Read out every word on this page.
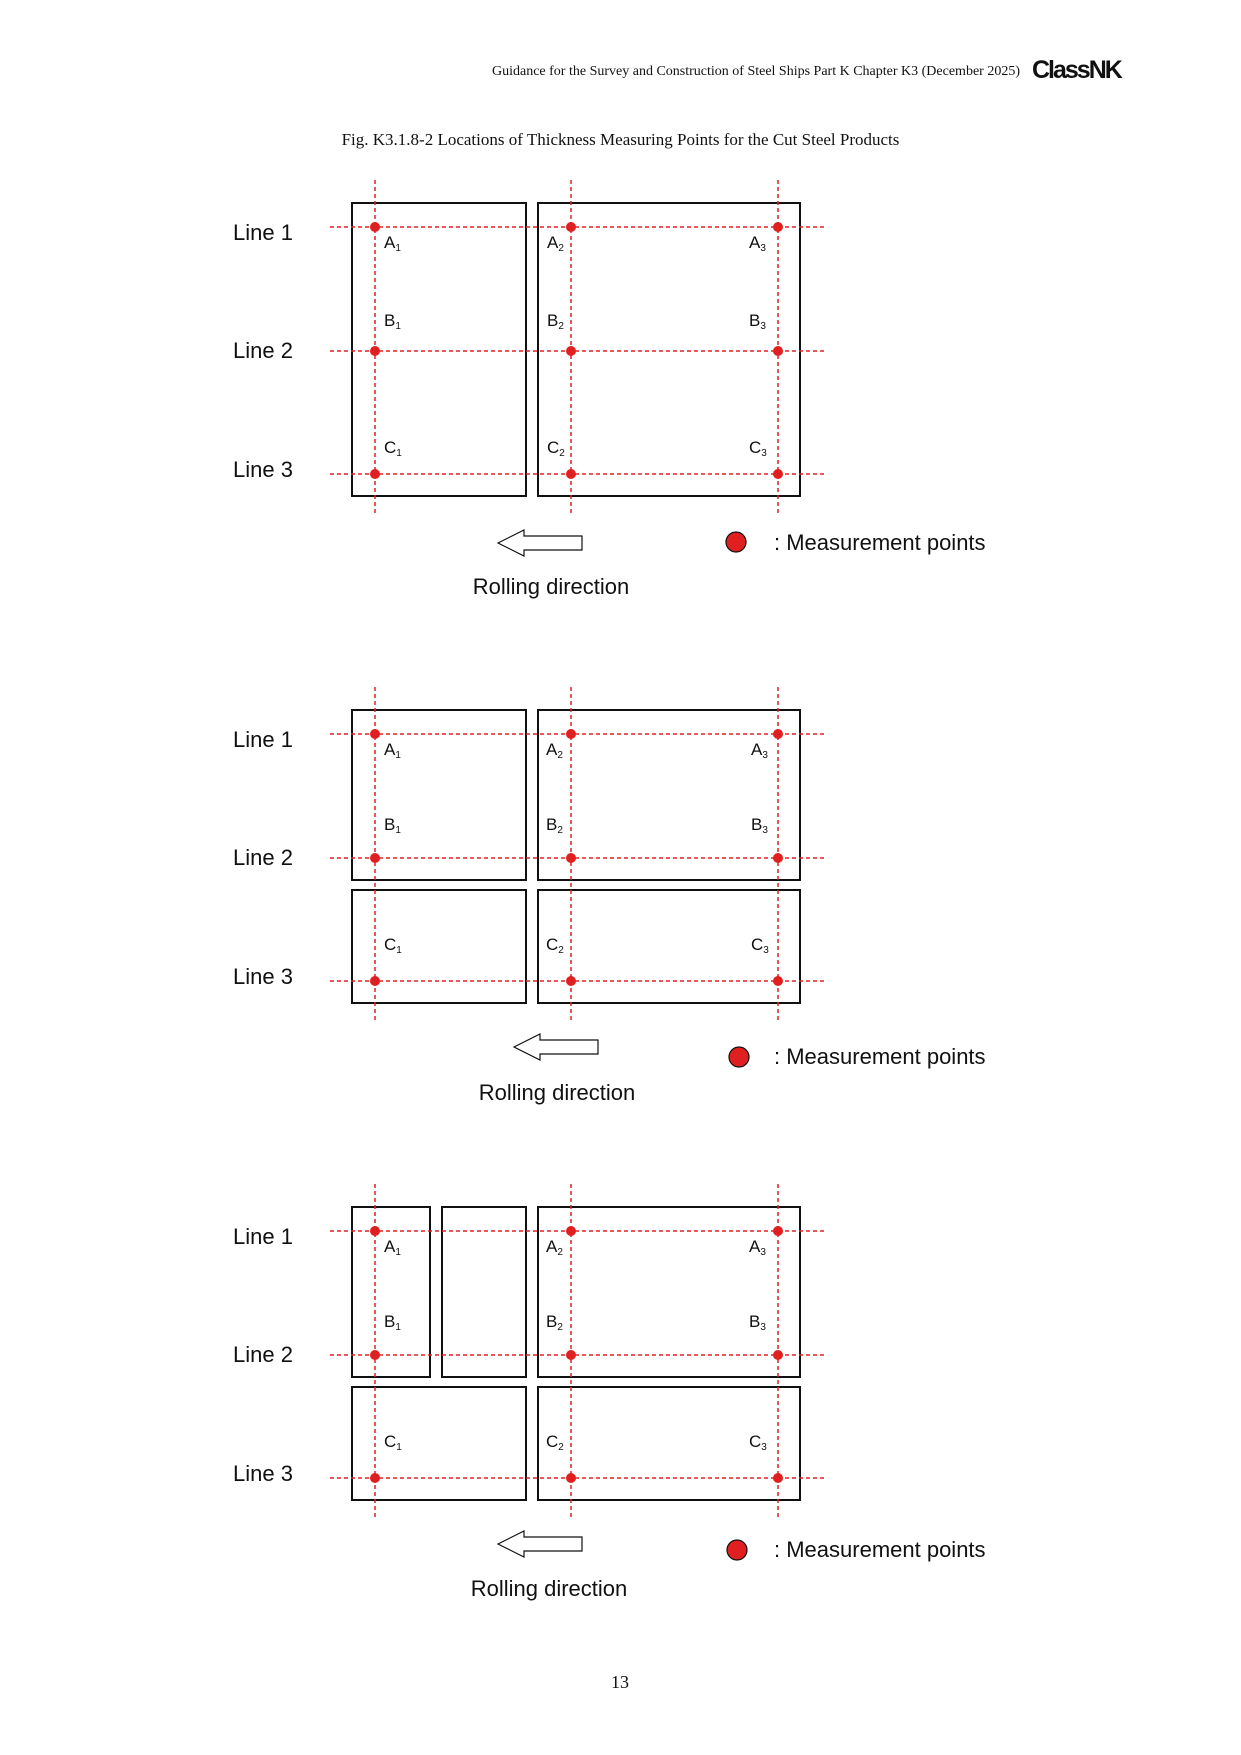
Guidance for the Survey and Construction of Steel Ships Part K Chapter K3 (December 2025) ClassNK
Fig. K3.1.8-2 Locations of Thickness Measuring Points for the Cut Steel Products
Line 1
Line 2
Line 3
$A_1$	$A_2$	$A_3$
$B_1$	$B_2$	$B_3$
$C_1$	$C_2$	$C_3$
Rolling direction
: Measurement points
Line 1
Line 2
Line 3
$A_1$	$A_2$	$A_3$
$B_1$	$B_2$	$B_3$
$C_1$	$C_2$	$C_3$
Rolling direction
: Measurement points
Line 1
Line 2
Line 3
$A_1$	$A_2$	$A_3$
$B_1$	$B_2$	$B_3$
$C_1$	$C_2$	$C_3$
Rolling direction
: Measurement points
13
